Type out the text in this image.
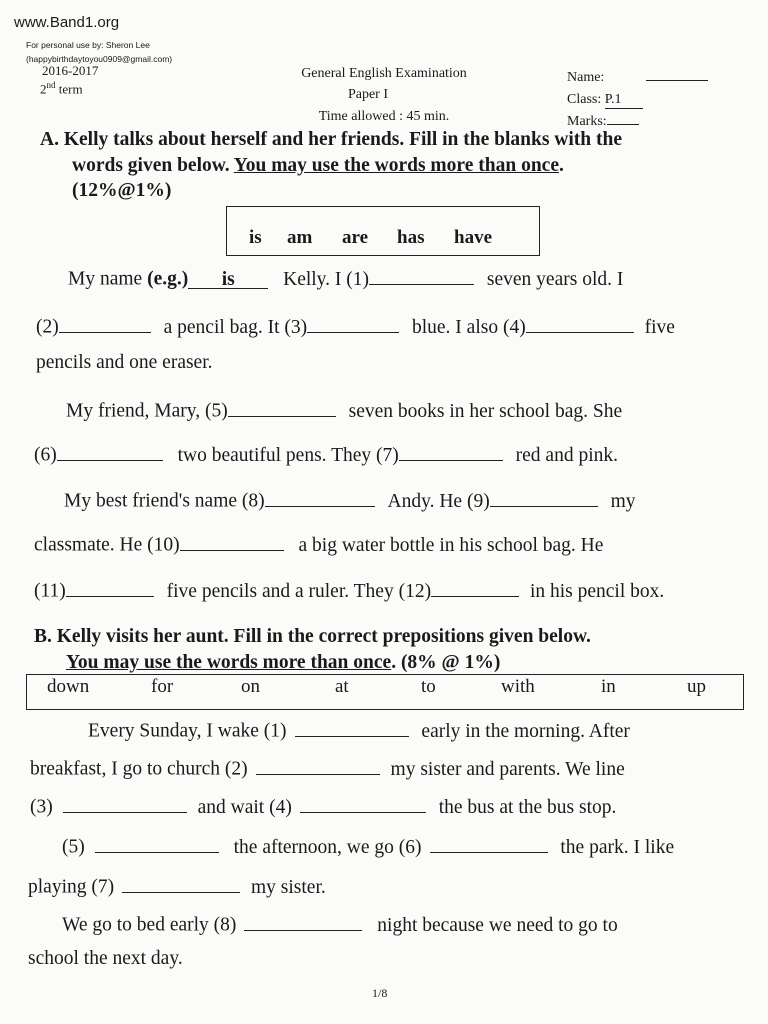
www.Band1.org
For personal use by: Sheron Lee
(happybirthdaytoyou0909@gmail.com)
2016-2017
2nd term
General English Examination
Paper I
Time allowed : 45 min.
Name:
Class: P.1
Marks:
A. Kelly talks about herself and her friends. Fill in the blanks with the
words given below. You may use the words more than once.
(12%@1%)
is am are has have
My name (e.g.) is Kelly. I (1)	seven years old. I
(2)	a pencil bag. It (3)	blue. I also (4)	five
pencils and one eraser.
My friend, Mary, (5)	seven books in her school bag. She
(6)	two beautiful pens. They (7)	red and pink.
My best friend's name (8)	Andy. He (9)	my
classmate. He (10)	a big water bottle in his school bag. He
(11)	five pencils and a ruler. They (12)	in his pencil box.
B. Kelly visits her aunt. Fill in the correct prepositions given below.
You may use the words more than once. (8% @ 1%)
down	for	on	at	to	with	in	up
Every Sunday, I wake (1)	early in the morning. After
breakfast, I go to church (2)	my sister and parents. We line
(3)	and wait (4)	the bus at the bus stop.
(5)	the afternoon, we go (6)	the park. I like
playing (7)	my sister.
We go to bed early (8)	night because we need to go to
school the next day.
1/8
